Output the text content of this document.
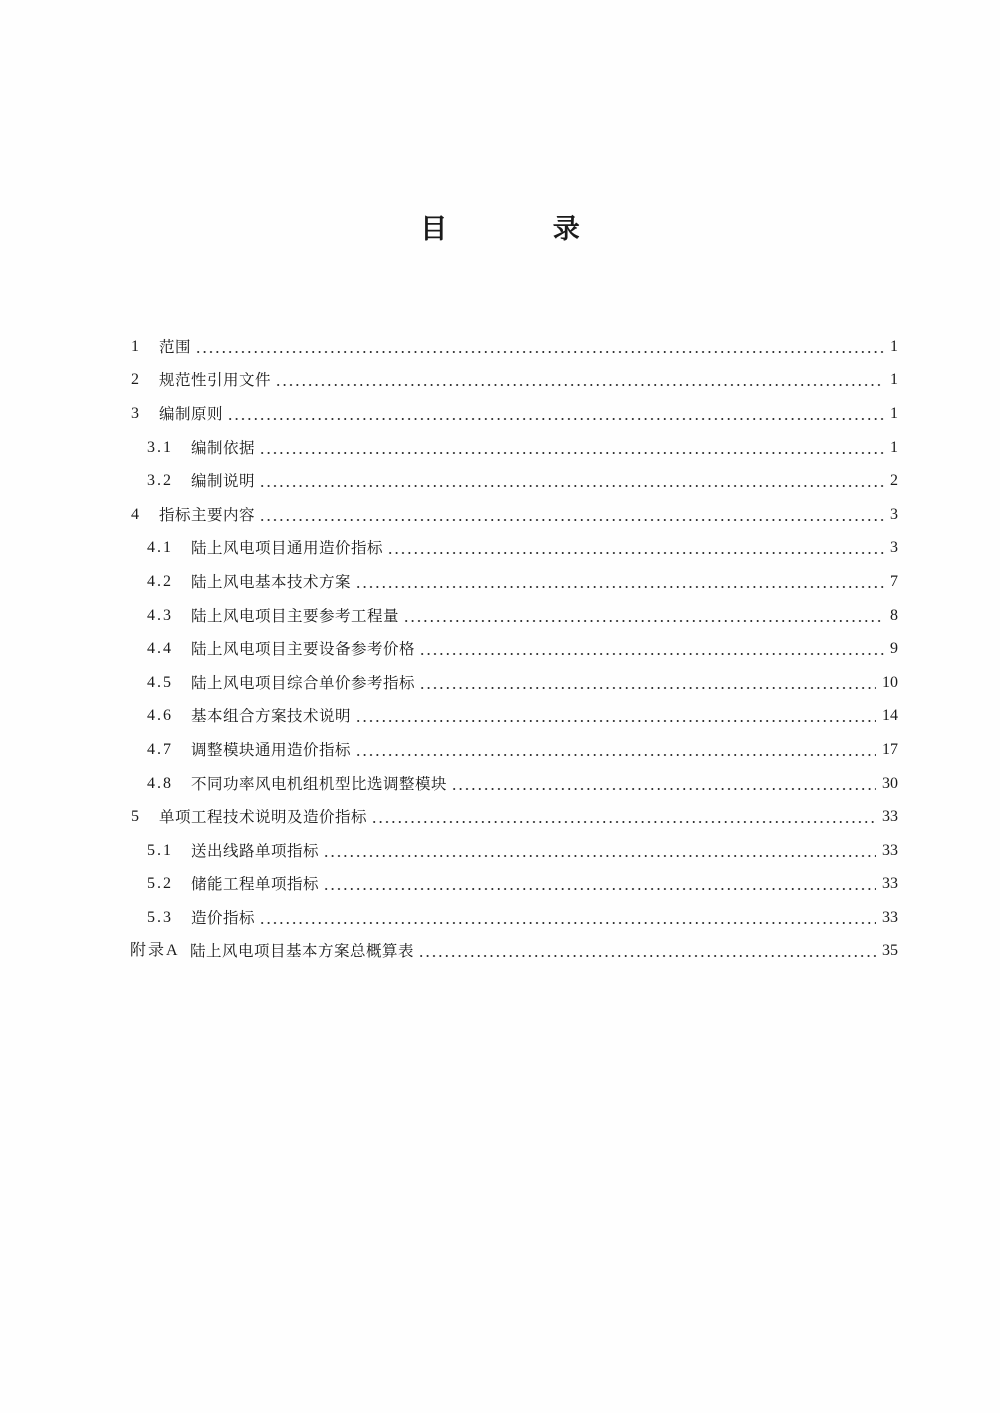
目 录
1	范围	1
2	规范性引用文件	1
3	编制原则	1
3.1	编制依据	1
3.2	编制说明	2
4	指标主要内容	3
4.1	陆上风电项目通用造价指标	3
4.2	陆上风电基本技术方案	7
4.3	陆上风电项目主要参考工程量	8
4.4	陆上风电项目主要设备参考价格	9
4.5	陆上风电项目综合单价参考指标	10
4.6	基本组合方案技术说明	14
4.7	调整模块通用造价指标	17
4.8	不同功率风电机组机型比选调整模块	30
5	单项工程技术说明及造价指标	33
5.1	送出线路单项指标	33
5.2	储能工程单项指标	33
5.3	造价指标	33
附录A 陆上风电项目基本方案总概算表	35
